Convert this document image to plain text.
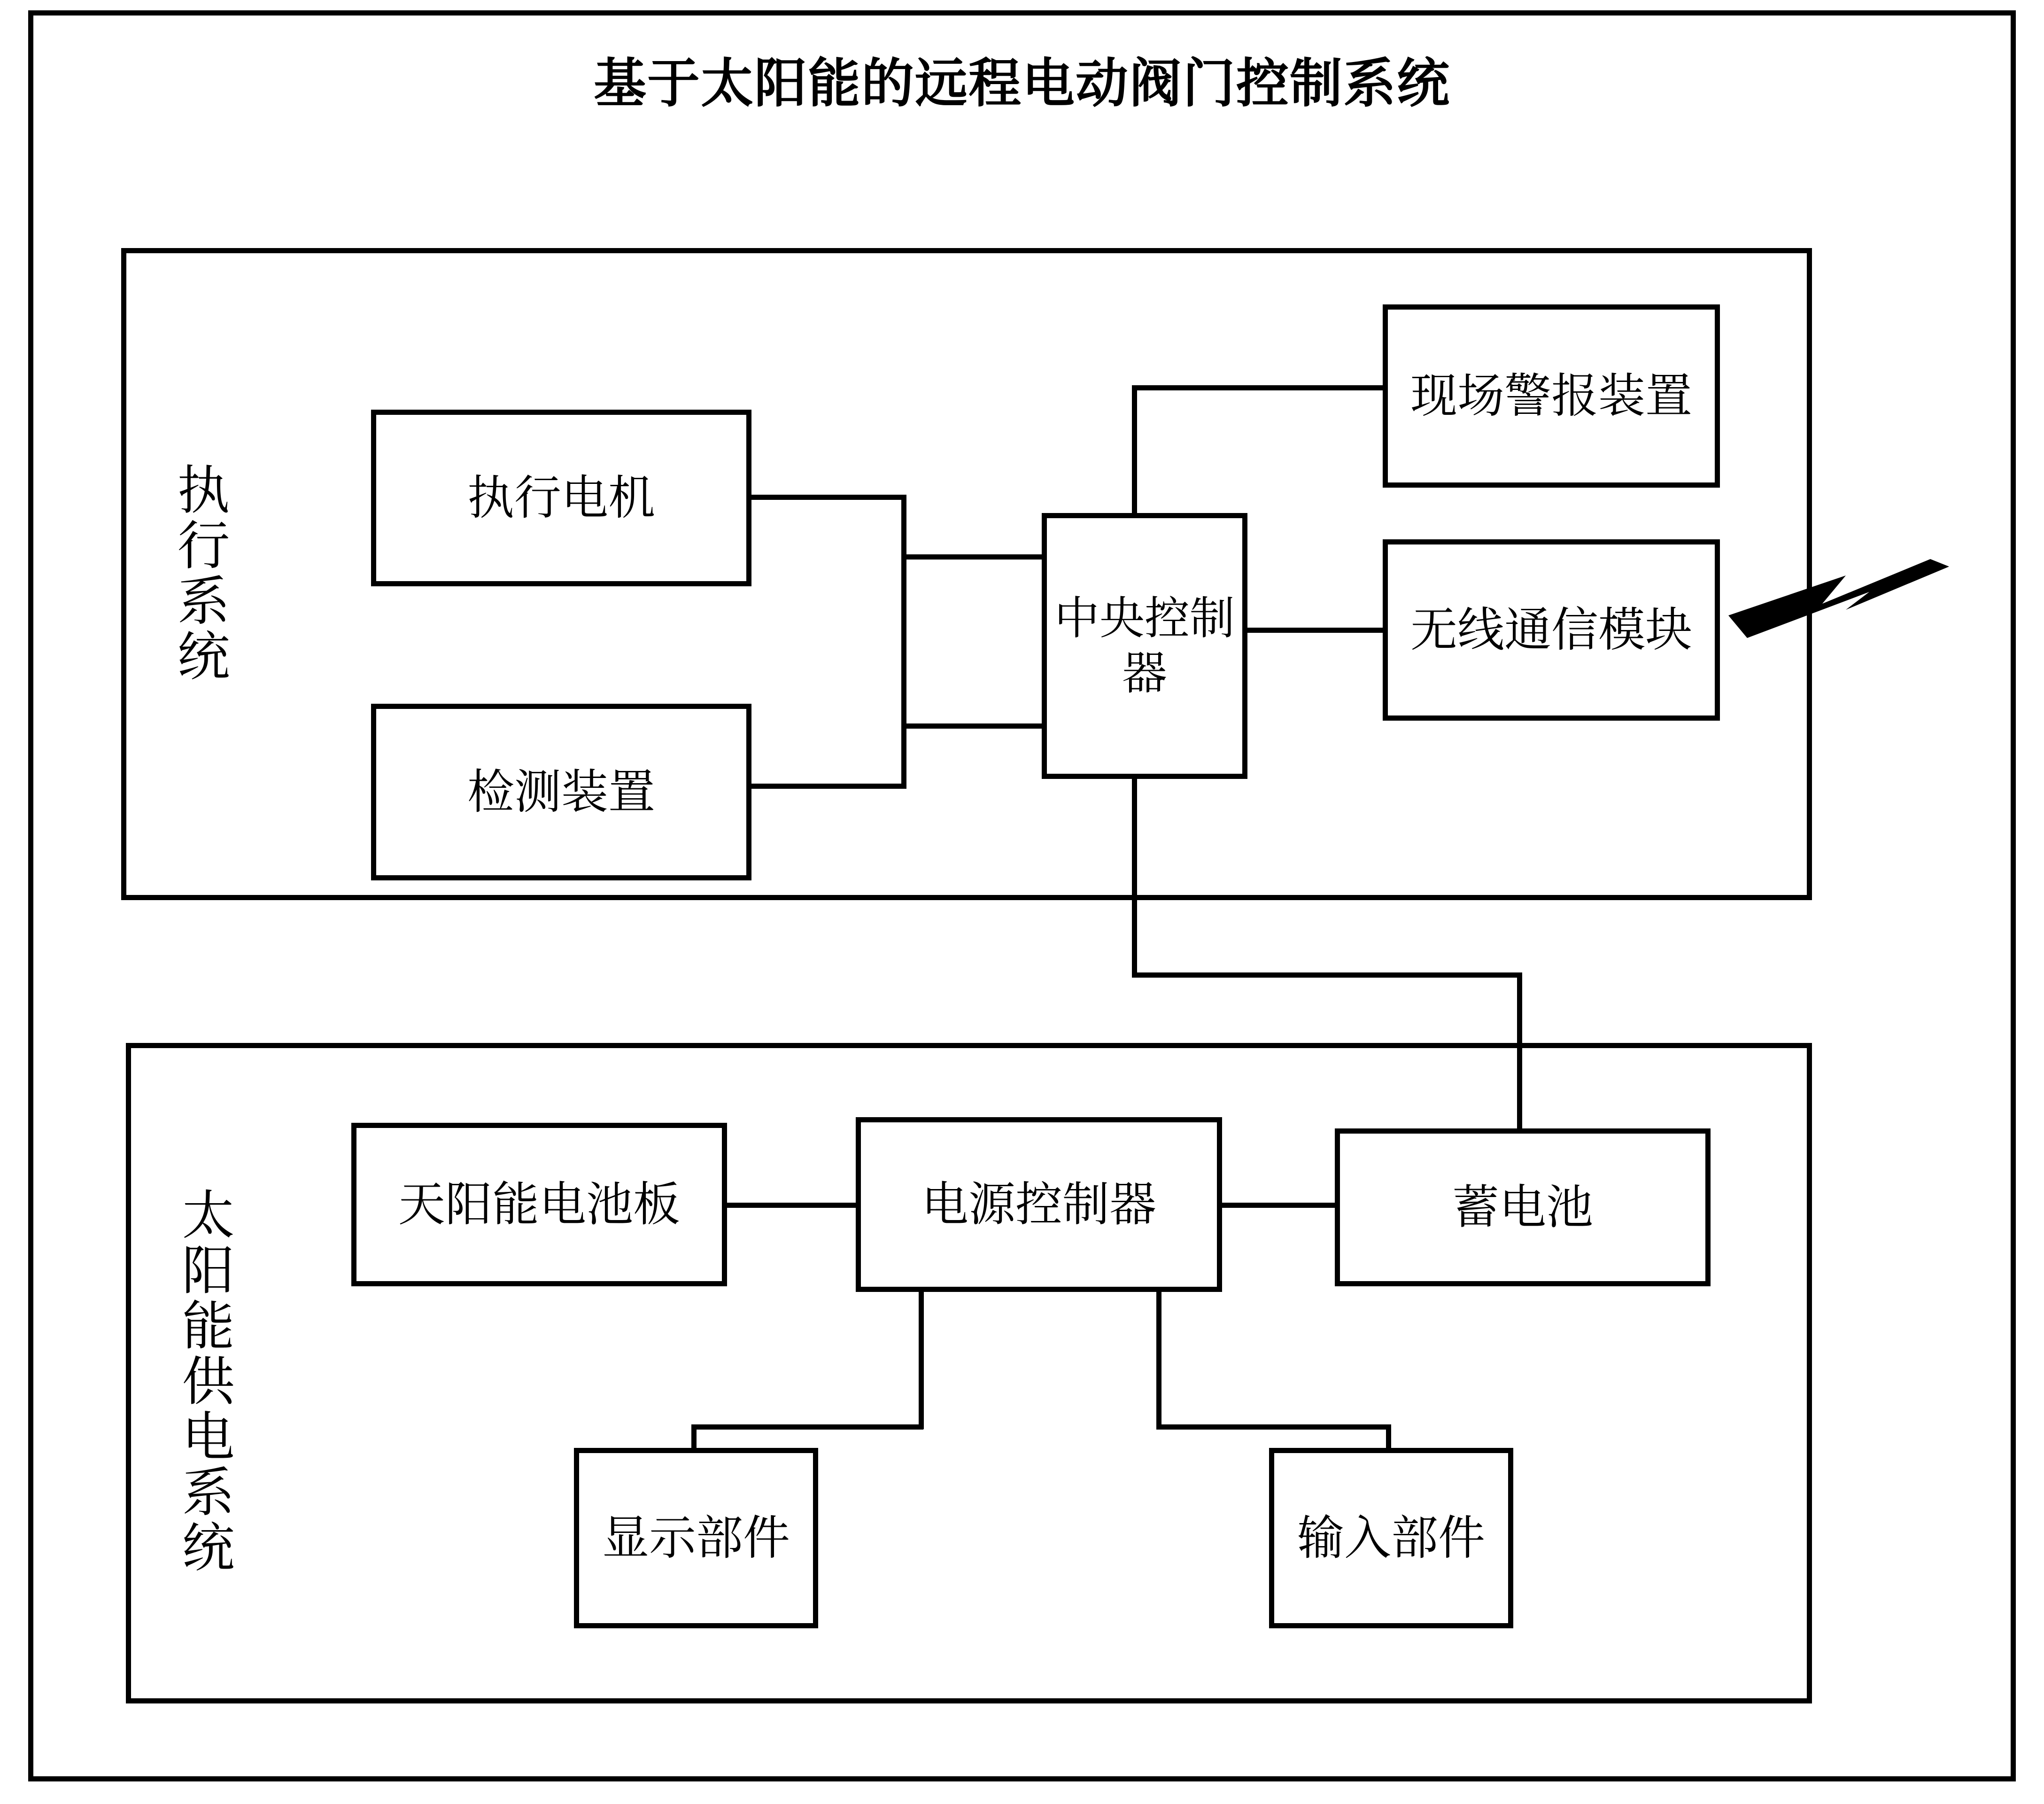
基于太阳能的远程电动阀门控制系统
执行系统
太阳能供电系统
执行电机
检测装置
中央控制器
现场警报装置
无线通信模块
天阳能电池板	电源控制器	蓄电池
显示部件	输入部件
